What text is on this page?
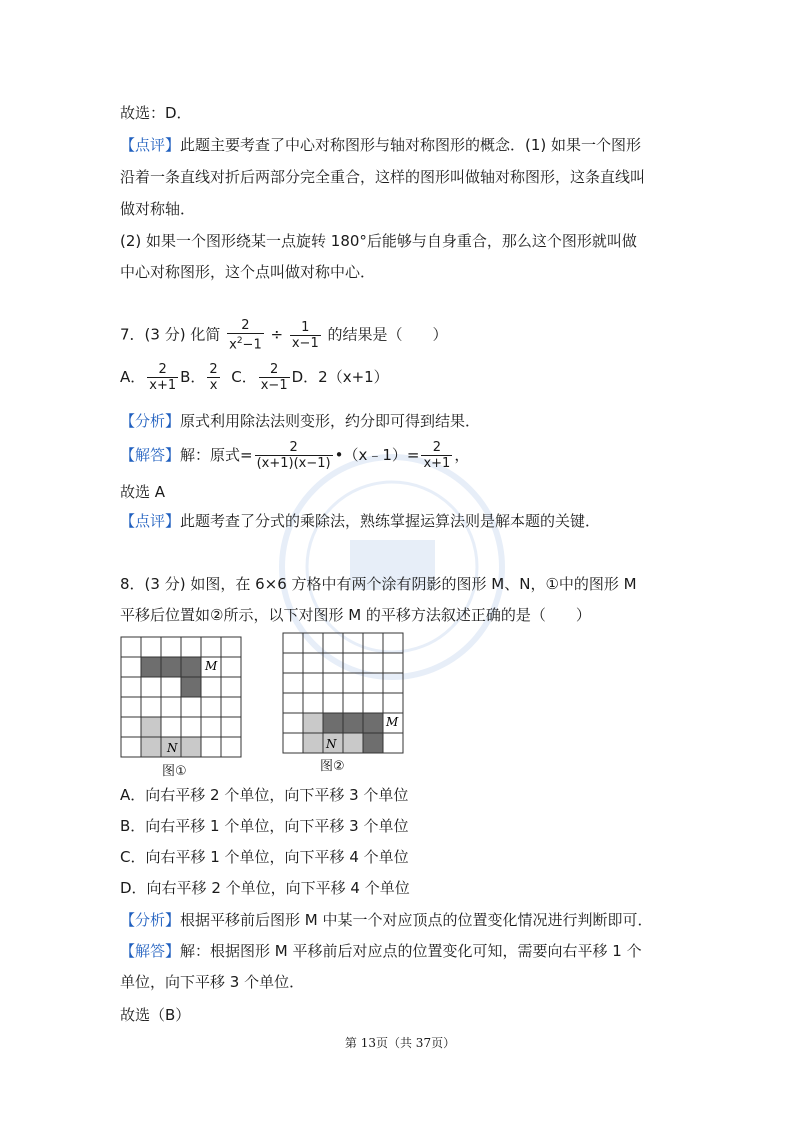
故选：D．
【点评】此题主要考查了中心对称图形与轴对称图形的概念．(1) 如果一个图形
沿着一条直线对折后两部分完全重合，这样的图形叫做轴对称图形，这条直线叫
做对称轴．
(2) 如果一个图形绕某一点旋转 180°后能够与自身重合，那么这个图形就叫做
中心对称图形，这个点叫做对称中心．
7．(3 分) 化简 $\frac{2}{x^2-1} \div \frac{1}{x-1}$ 的结果是（　　）
A． $\frac{2}{x+1}$ B． $\frac{2}{x}$ C． $\frac{2}{x-1}$ D．2（x+1）
【分析】原式利用除法法则变形，约分即可得到结果．
【解答】解：原式= $\frac{2}{(x+1)(x-1)}$ •（x﹣1）= $\frac{2}{x+1}$ ，
故选 A
【点评】此题考查了分式的乘除法，熟练掌握运算法则是解本题的关键．
8．(3 分) 如图，在 6×6 方格中有两个涂有阴影的图形 M、N，①中的图形 M
平移后位置如②所示，以下对图形 M 的平移方法叙述正确的是（　　）
M
N
图①
M
N
图②
A．向右平移 2 个单位，向下平移 3 个单位
B．向右平移 1 个单位，向下平移 3 个单位
C．向右平移 1 个单位，向下平移 4 个单位
D．向右平移 2 个单位，向下平移 4 个单位
【分析】根据平移前后图形 M 中某一个对应顶点的位置变化情况进行判断即可．
【解答】解：根据图形 M 平移前后对应点的位置变化可知，需要向右平移 1 个
单位，向下平移 3 个单位．
故选（B）
第 13页（共 37页）
